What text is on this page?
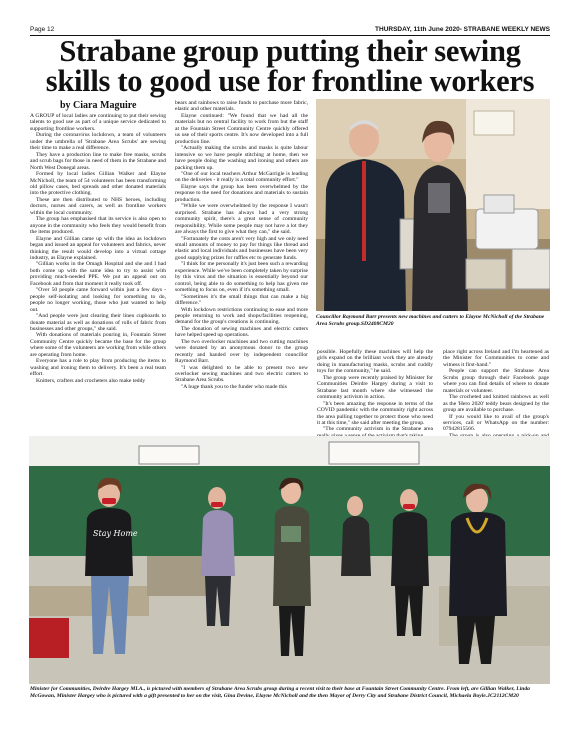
Page 12	THURSDAY, 11th June 2020- STRABANE WEEKLY NEWS
Strabane group putting their sewing
skills to good use for frontline workers
by Ciara Maguire

A GROUP of local ladies are continuing to put their sewing talents to good use as part of a unique service dedicated to supporting frontline workers.

During the coronavirus lockdown, a team of volunteers under the umbrella of 'Strabane Area Scrubs' are sewing their time to make a real difference.

They have a production line to make free masks, scrubs and scrub bags for those in need of them in the Strabane and North West Donegal areas.

Formed by local ladies Gillian Walker and Elayne McNicholl, the team of 54 volunteers has been transforming old pillow cases, bed spreads and other donated materials into the protective clothing.

These are then distributed to NHS heroes, including doctors, nurses and carers, as well as frontline workers within the local community.

The group has emphasised that its service is also open to anyone in the community who feels they would benefit from the items produced.

Elayne and Gillian came up with the idea as lockdown began and issued an appeal for volunteers and fabrics, never thinking the result would develop into a virtual cottage industry, as Elayne explained.

"Gillian works in the Omagh Hospital and she and I had both come up with the same idea to try to assist with providing much-needed PPE. We put an appeal out on Facebook and from that moment it really took off.

"Over 50 people came forward within just a few days - people self-isolating and looking for something to do, people no longer working, those who just wanted to help out.

"And people were just clearing their linen cupboards to donate material as well as donations of rolls of fabric from businesses and other groups," she said.

With donations of materials pouring in, Fountain Street Community Centre quickly became the base for the group where some of the volunteers are working from while others are operating from home.

Everyone has a role to play from producing the items to washing and ironing them to delivery. It's been a real team effort.

Knitters, crafters and crocheters also make teddy

bears and rainbows to raise funds to purchase more fabric, elastic and other materials.

Elayne continued: "We found that we had all the materials but no central facility to work from but the staff at the Fountain Street Community Centre quickly offered us use of their sports centre. It's now developed into a full production line.

"Actually making the scrubs and masks is quite labour intensive so we have people stitching at home, then we have people doing the washing and ironing and others are packing them up.

"One of our local teachers Arthur McGarrigle is leading on the deliveries - it really is a total community effort."

Elayne says the group has been overwhelmed by the response to the need for donations and materials to sustain production.

"While we were overwhelmed by the response I wasn't surprised. Strabane has always had a very strong community spirit, there's a great sense of community responsibility. While some people may not have a lot they are always the first to give what they can," she said.

"Fortunately the costs aren't very high and we only need small amounts of money to pay for things like thread and elastic and local individuals and businesses have been very good supplying prizes for raffles etc to generate funds.

"I think for me personally it's just been such a rewarding experience. While we've been completely taken by surprise by this virus and the situation is essentially beyond our control, being able to do something to help has given me something to focus on, even if it's something small.

"Sometimes it's the small things that can make a big difference."

With lockdown restrictions continuing to ease and more people returning to work and shops/facilities reopening, demand for the group's creations is continuing.

The donation of sewing machines and electric cutters have helped speed up operations.

The two overlocker machines and two cutting machines were donated by an anonymous donor to the group recently and handed over by independent councillor Raymond Barr.

"I was delighted to be able to present two new overlocker sewing machines and two electric cutters to Strabane Area Scrubs.

"A huge thank you to the funder who made this

Councillor Raymond Barr presents new machines and cutters to Elayne McNicholl of the Strabane Area Scrubs group.SD2408CM20

possible. Hopefully these machines will help the girls expand on the brilliant work they are already doing in manufacturing masks, scrubs and cuddly toys for the community," he said.

The group were recently praised by Minister for Communities Deirdre Hargey during a visit to Strabane last month where she witnessed the community activism in action.

"It's been amazing the response in terms of the COVID pandemic with the community right across the area pulling together to protect those who need it at this time," she said after meeting the group.

"The community activism in the Strabane area

place right across Ireland and I'm heartened as the Minister for Communities to come and witness it first-hand."

People can support the Strabane Area Scrubs group through their Facebook page where you can find details of where to donate materials or volunteer.

The crocheted and knitted rainbows as well as the 'Hero 2020' teddy bears designed by the group are available to purchase.

If you would like to avail of the group's services, call or WhatsApp on the number: 07942815566.

Stay Home
Minister for Communities, Deirdre Hargey MLA., is pictured with members of Strabane Area Scrubs group during a recent visit to their base at Fountain Street Community Centre. From left, are Gillian Walker, Linda McGowan, Minister Hargey who is pictured with a gift presented to her on the visit, Gina Devine, Elayne McNicholl and the then Mayor of Derry City and Strabane District Council, Michaela Boyle.JC2112CM20
